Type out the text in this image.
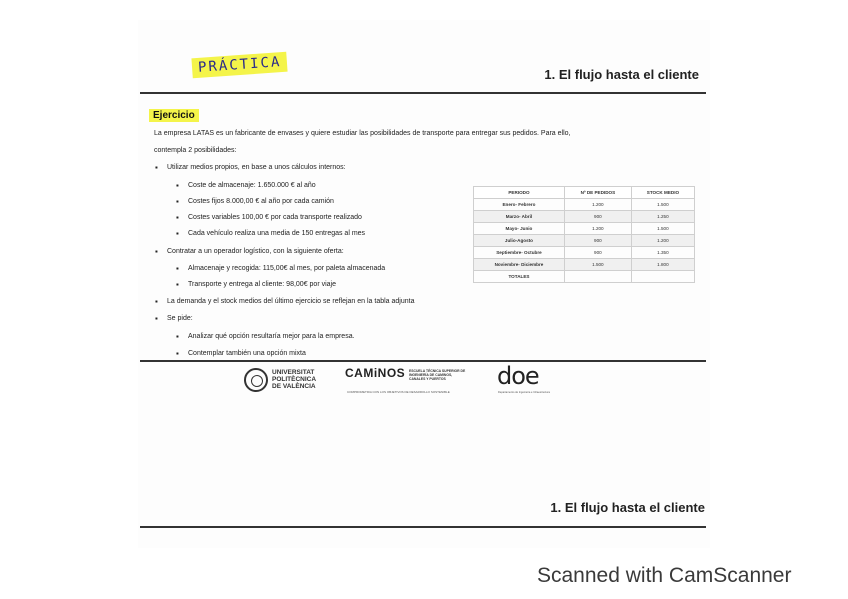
PRÁCTICA	1. El flujo hasta el cliente
Ejercicio
La empresa LATAS es un fabricante de envases y quiere estudiar las posibilidades de transporte para entregar sus pedidos. Para ello,
contempla 2 posibilidades:
▪ Utilizar medios propios, en base a unos cálculos internos:
▪ Coste de almacenaje: 1.650.000 € al año
▪ Costes fijos 8.000,00 € al año por cada camión
▪ Costes variables 100,00 € por cada transporte realizado
▪ Cada vehículo realiza una media de 150 entregas al mes
▪ Contratar a un operador logístico, con la siguiente oferta:
▪ Almacenaje y recogida: 115,00€ al mes, por paleta almacenada
▪ Transporte y entrega al cliente: 98,00€ por viaje
▪ La demanda y el stock medios del último ejercicio se reflejan en la tabla adjunta
▪ Se pide:
▪ Analizar qué opción resultaría mejor para la empresa.
▪ Contemplar también una opción mixta
PERIODO	Nº DE PEDIDOS	STOCK MEDIO
Enero- Febrero	1.200	1.500
Marzo- Abril	900	1.250
Mayo- Junio	1.200	1.500
Julio-Agosto	900	1.200
Septiembre- Octubre	900	1.350
Noviembre- Diciembre	1.500	1.800
TOTALES		
UNIVERSITAT
POLITÈCNICA
DE VALÈNCIA
CAMiNOS ESCUELA TÉCNICA SUPERIOR DE INGENIERÍA DE CAMINOS, CANALES Y PUERTOS
COMPROMETIDA CON LOS OBJETIVOS DE DESARROLLO SOSTENIBLE
doe
Departamento de Ingeniería e Infraestructura
1. El flujo hasta el cliente
Scanned with CamScanner
